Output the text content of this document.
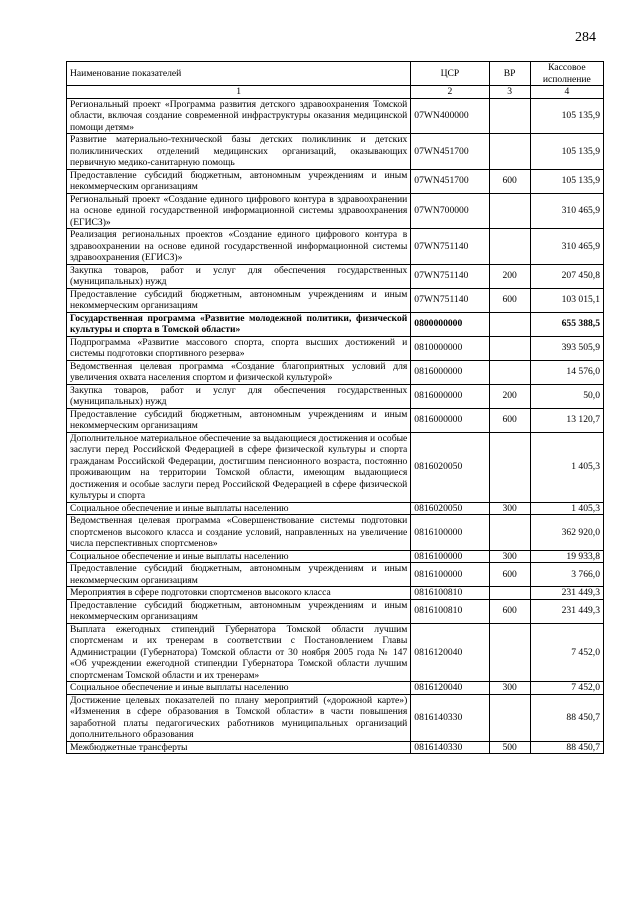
284
Наименование показателей	ЦСР	ВР	Кассовое исполнение
1	2	3	4
Региональный проект «Программа развития детского здравоохранения Томской области, включая создание современной инфраструктуры оказания медицинской помощи детям»	07WN400000		105 135,9
Развитие материально-технической базы детских поликлиник и детских поликлинических отделений медицинских организаций, оказывающих первичную медико-санитарную помощь	07WN451700		105 135,9
Предоставление субсидий бюджетным, автономным учреждениям и иным некоммерческим организациям	07WN451700	600	105 135,9
Региональный проект «Создание единого цифрового контура в здравоохранении на основе единой государственной информационной системы здравоохранения (ЕГИСЗ)»	07WN700000		310 465,9
Реализация региональных проектов «Создание единого цифрового контура в здравоохранении на основе единой государственной информационной системы здравоохранения (ЕГИСЗ)»	07WN751140		310 465,9
Закупка товаров, работ и услуг для обеспечения государственных (муниципальных) нужд	07WN751140	200	207 450,8
Предоставление субсидий бюджетным, автономным учреждениям и иным некоммерческим организациям	07WN751140	600	103 015,1
Государственная программа «Развитие молодежной политики, физической культуры и спорта в Томской области»	0800000000		655 388,5
Подпрограмма «Развитие массового спорта, спорта высших достижений и системы подготовки спортивного резерва»	0810000000		393 505,9
Ведомственная целевая программа «Создание благоприятных условий для увеличения охвата населения спортом и физической культурой»	0816000000		14 576,0
Закупка товаров, работ и услуг для обеспечения государственных (муниципальных) нужд	0816000000	200	50,0
Предоставление субсидий бюджетным, автономным учреждениям и иным некоммерческим организациям	0816000000	600	13 120,7
Дополнительное материальное обеспечение за выдающиеся достижения и особые заслуги перед Российской Федерацией в сфере физической культуры и спорта гражданам Российской Федерации, достигшим пенсионного возраста, постоянно проживающим на территории Томской области, имеющим выдающиеся достижения и особые заслуги перед Российской Федерацией в сфере физической культуры и спорта	0816020050		1 405,3
Социальное обеспечение и иные выплаты населению	0816020050	300	1 405,3
Ведомственная целевая программа «Совершенствование системы подготовки спортсменов высокого класса и создание условий, направленных на увеличение числа перспективных спортсменов»	0816100000		362 920,0
Социальное обеспечение и иные выплаты населению	0816100000	300	19 933,8
Предоставление субсидий бюджетным, автономным учреждениям и иным некоммерческим организациям	0816100000	600	3 766,0
Мероприятия в сфере подготовки спортсменов высокого класса	0816100810		231 449,3
Предоставление субсидий бюджетным, автономным учреждениям и иным некоммерческим организациям	0816100810	600	231 449,3
Выплата ежегодных стипендий Губернатора Томской области лучшим спортсменам и их тренерам в соответствии с Постановлением Главы Администрации (Губернатора) Томской области от 30 ноября 2005 года № 147 «Об учреждении ежегодной стипендии Губернатора Томской области лучшим спортсменам Томской области и их тренерам»	0816120040		7 452,0
Социальное обеспечение и иные выплаты населению	0816120040	300	7 452,0
Достижение целевых показателей по плану мероприятий («дорожной карте») «Изменения в сфере образования в Томской области» в части повышения заработной платы педагогических работников муниципальных организаций дополнительного образования	0816140330		88 450,7
Межбюджетные трансферты	0816140330	500	88 450,7
